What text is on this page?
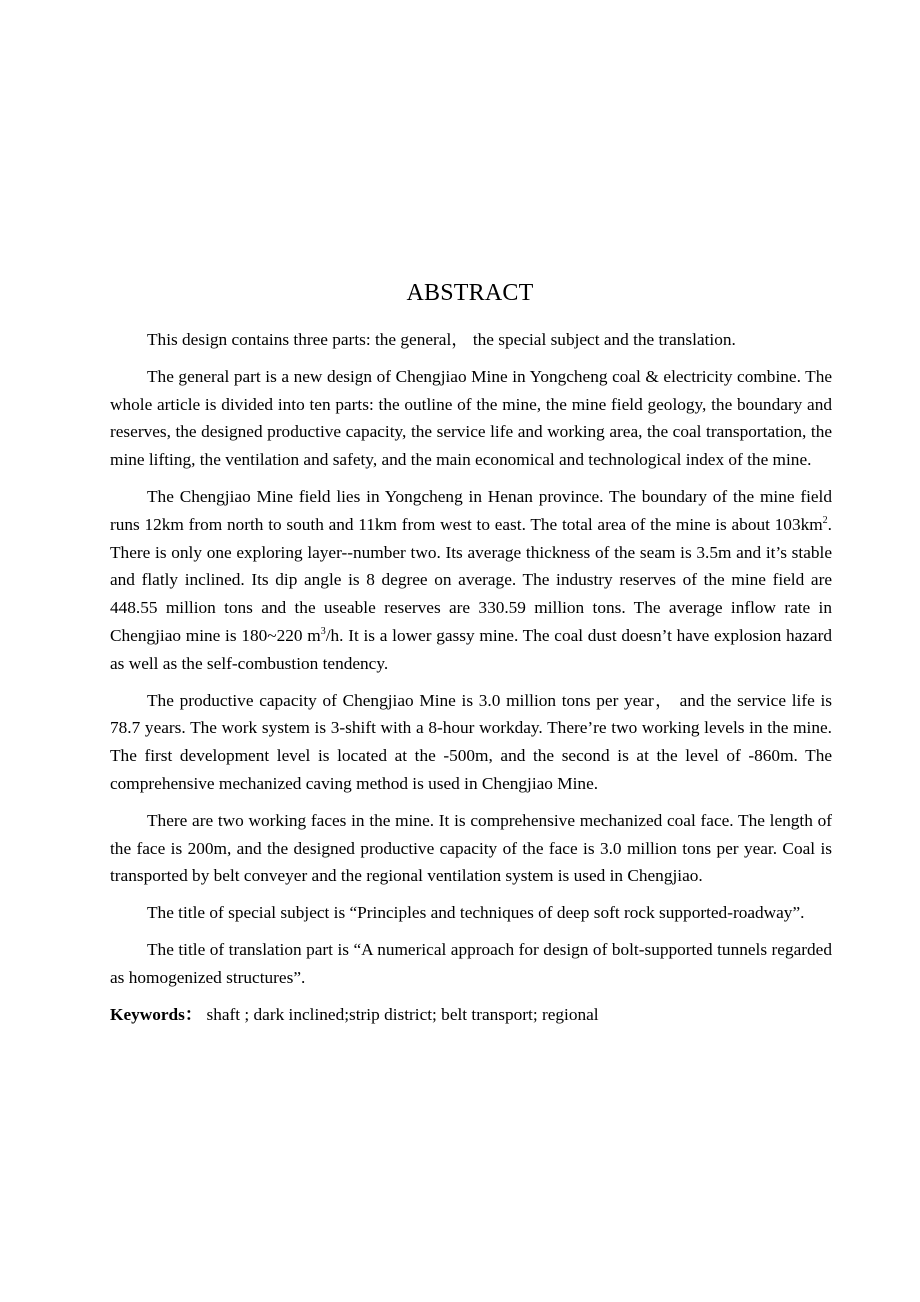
ABSTRACT

This design contains three parts: the general， the special subject and the translation.

The general part is a new design of Chengjiao Mine in Yongcheng coal & electricity combine. The whole article is divided into ten parts: the outline of the mine, the mine field geology, the boundary and reserves, the designed productive capacity, the service life and working area, the coal transportation, the mine lifting, the ventilation and safety, and the main economical and technological index of the mine.

The Chengjiao Mine field lies in Yongcheng in Henan province. The boundary of the mine field runs 12km from north to south and 11km from west to east. The total area of the mine is about $103km^2$. There is only one exploring layer--number two. Its average thickness of the seam is 3.5m and it’s stable and flatly inclined. Its dip angle is 8 degree on average. The industry reserves of the mine field are 448.55 million tons and the useable reserves are 330.59 million tons. The average inflow rate in Chengjiao mine is 180~220 $m^3/h$. It is a lower gassy mine. The coal dust doesn’t have explosion hazard as well as the self-combustion tendency.

The productive capacity of Chengjiao Mine is 3.0 million tons per year， and the service life is 78.7 years. The work system is 3-shift with a 8-hour workday. There’re two working levels in the mine. The first development level is located at the -500m, and the second is at the level of -860m. The comprehensive mechanized caving method is used in Chengjiao Mine.

There are two working faces in the mine. It is comprehensive mechanized coal face. The length of the face is 200m, and the designed productive capacity of the face is 3.0 million tons per year. Coal is transported by belt conveyer and the regional ventilation system is used in Chengjiao.

The title of special subject is “Principles and techniques of deep soft rock supported-roadway”.

The title of translation part is “A numerical approach for design of bolt-supported tunnels regarded as homogenized structures”.

Keywords： shaft ; dark inclined;strip district; belt transport; regional
